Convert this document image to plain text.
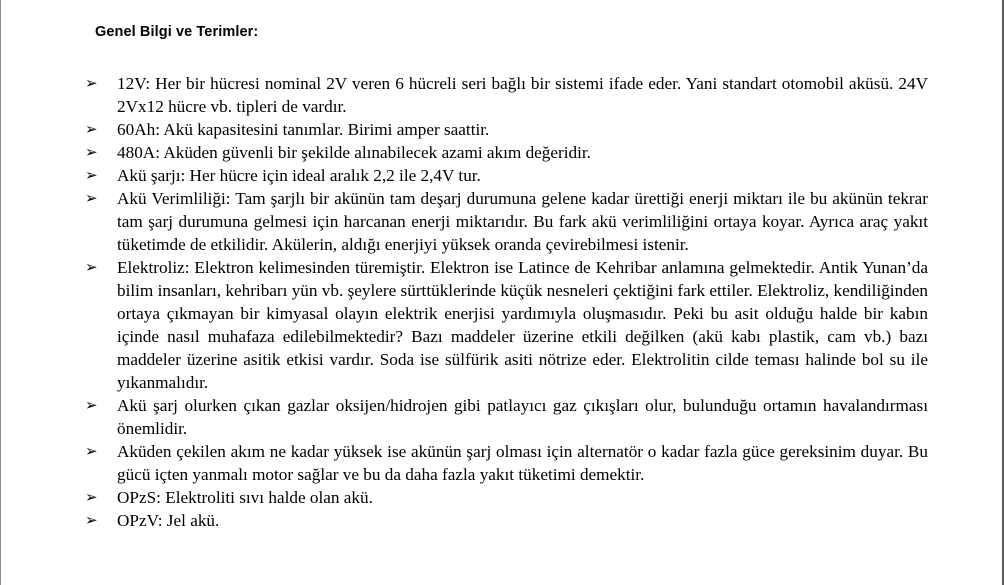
Genel Bilgi ve Terimler:
➢	12V: Her bir hücresi nominal 2V veren 6 hücreli seri bağlı bir sistemi ifade eder. Yani standart otomobil aküsü. 24V 2Vx12 hücre vb. tipleri de vardır.
➢	60Ah: Akü kapasitesini tanımlar. Birimi amper saattir.
➢	480A: Aküden güvenli bir şekilde alınabilecek azami akım değeridir.
➢	Akü şarjı: Her hücre için ideal aralık 2,2 ile 2,4V tur.
➢	Akü Verimliliği: Tam şarjlı bir akünün tam deşarj durumuna gelene kadar ürettiği enerji miktarı ile bu akünün tekrar tam şarj durumuna gelmesi için harcanan enerji miktarıdır. Bu fark akü verimliliğini ortaya koyar. Ayrıca araç yakıt tüketimde de etkilidir. Akülerin, aldığı enerjiyi yüksek oranda çevirebilmesi istenir.
➢	Elektroliz: Elektron kelimesinden türemiştir. Elektron ise Latince de Kehribar anlamına gelmektedir. Antik Yunan’da bilim insanları, kehribarı yün vb. şeylere sürttüklerinde küçük nesneleri çektiğini fark ettiler. Elektroliz, kendiliğinden ortaya çıkmayan bir kimyasal olayın elektrik enerjisi yardımıyla oluşmasıdır. Peki bu asit olduğu halde bir kabın içinde nasıl muhafaza edilebilmektedir? Bazı maddeler üzerine etkili değilken (akü kabı plastik, cam vb.) bazı maddeler üzerine asitik etkisi vardır. Soda ise sülfürik asiti nötrize eder. Elektrolitin cilde teması halinde bol su ile yıkanmalıdır.
➢	Akü şarj olurken çıkan gazlar oksijen/hidrojen gibi patlayıcı gaz çıkışları olur, bulunduğu ortamın havalandırması önemlidir.
➢	Aküden çekilen akım ne kadar yüksek ise akünün şarj olması için alternatör o kadar fazla güce gereksinim duyar. Bu gücü içten yanmalı motor sağlar ve bu da daha fazla yakıt tüketimi demektir.
➢	OPzS: Elektroliti sıvı halde olan akü.
➢	OPzV: Jel akü.
